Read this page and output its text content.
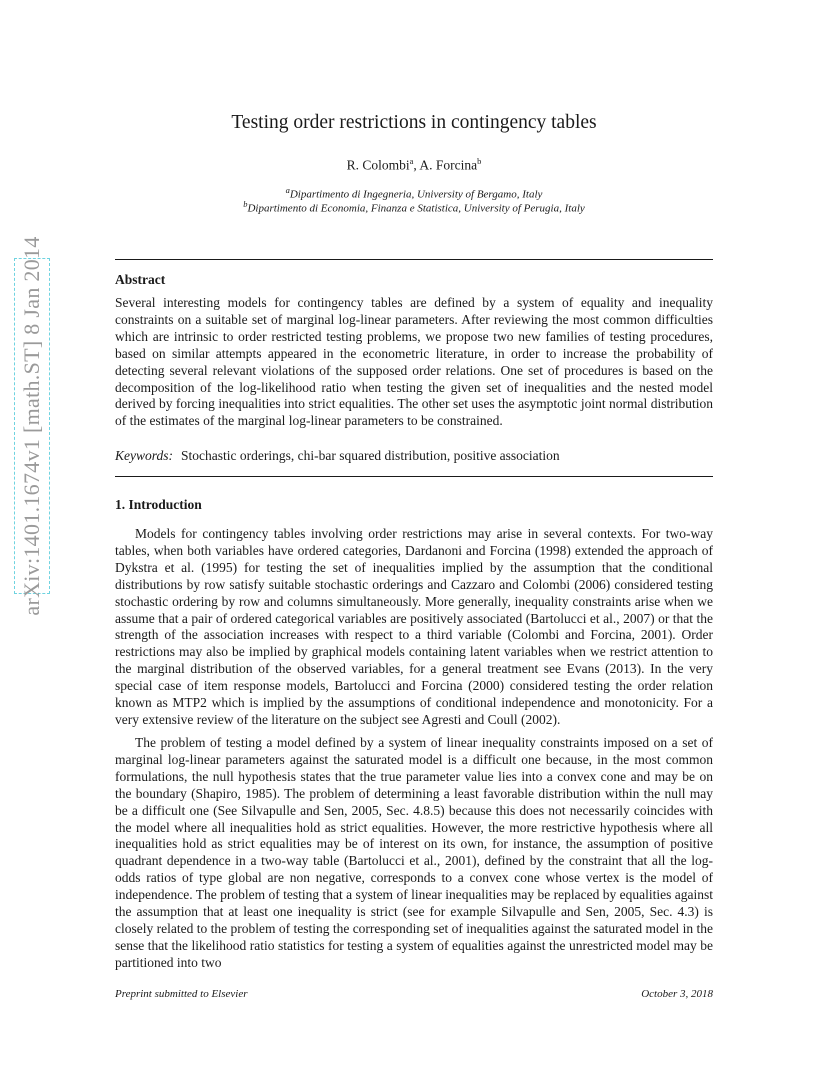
arXiv:1401.1674v1 [math.ST] 8 Jan 2014
Testing order restrictions in contingency tables
R. Colombi$^a$, A. Forcina$^b$
$^a$Dipartimento di Ingegneria, University of Bergamo, Italy
$^b$Dipartimento di Economia, Finanza e Statistica, University of Perugia, Italy
Abstract
Several interesting models for contingency tables are defined by a system of equality and inequality constraints on a suitable set of marginal log-linear parameters. After reviewing the most common difficulties which are intrinsic to order restricted testing problems, we propose two new families of testing procedures, based on similar attempts appeared in the econometric literature, in order to increase the probability of detecting several relevant violations of the supposed order relations. One set of procedures is based on the decomposition of the log-likelihood ratio when testing the given set of inequalities and the nested model derived by forcing inequalities into strict equalities. The other set uses the asymptotic joint normal distribution of the estimates of the marginal log-linear parameters to be constrained.
Keywords: Stochastic orderings, chi-bar squared distribution, positive association
1. Introduction
Models for contingency tables involving order restrictions may arise in several contexts. For two-way tables, when both variables have ordered categories, Dardanoni and Forcina (1998) extended the approach of Dykstra et al. (1995) for testing the set of inequalities implied by the assumption that the conditional distributions by row satisfy suitable stochastic orderings and Cazzaro and Colombi (2006) considered testing stochastic ordering by row and columns simultaneously. More generally, inequality constraints arise when we assume that a pair of ordered categorical variables are positively associated (Bartolucci et al., 2007) or that the strength of the association increases with respect to a third variable (Colombi and Forcina, 2001). Order restrictions may also be implied by graphical models containing latent variables when we restrict attention to the marginal distribution of the observed variables, for a general treatment see Evans (2013). In the very special case of item response models, Bartolucci and Forcina (2000) considered testing the order relation known as MTP2 which is implied by the assumptions of conditional independence and monotonicity. For a very extensive review of the literature on the subject see Agresti and Coull (2002).
The problem of testing a model defined by a system of linear inequality constraints imposed on a set of marginal log-linear parameters against the saturated model is a difficult one because, in the most common formulations, the null hypothesis states that the true parameter value lies into a convex cone and may be on the boundary (Shapiro, 1985). The problem of determining a least favorable distribution within the null may be a difficult one (See Silvapulle and Sen, 2005, Sec. 4.8.5) because this does not necessarily coincides with the model where all inequalities hold as strict equalities. However, the more restrictive hypothesis where all inequalities hold as strict equalities may be of interest on its own, for instance, the assumption of positive quadrant dependence in a two-way table (Bartolucci et al., 2001), defined by the constraint that all the log-odds ratios of type global are non negative, corresponds to a convex cone whose vertex is the model of independence. The problem of testing that a system of linear inequalities may be replaced by equalities against the assumption that at least one inequality is strict (see for example Silvapulle and Sen, 2005, Sec. 4.3) is closely related to the problem of testing the corresponding set of inequalities against the saturated model in the sense that the likelihood ratio statistics for testing a system of equalities against the unrestricted model may be partitioned into two
Preprint submitted to Elsevier	October 3, 2018
